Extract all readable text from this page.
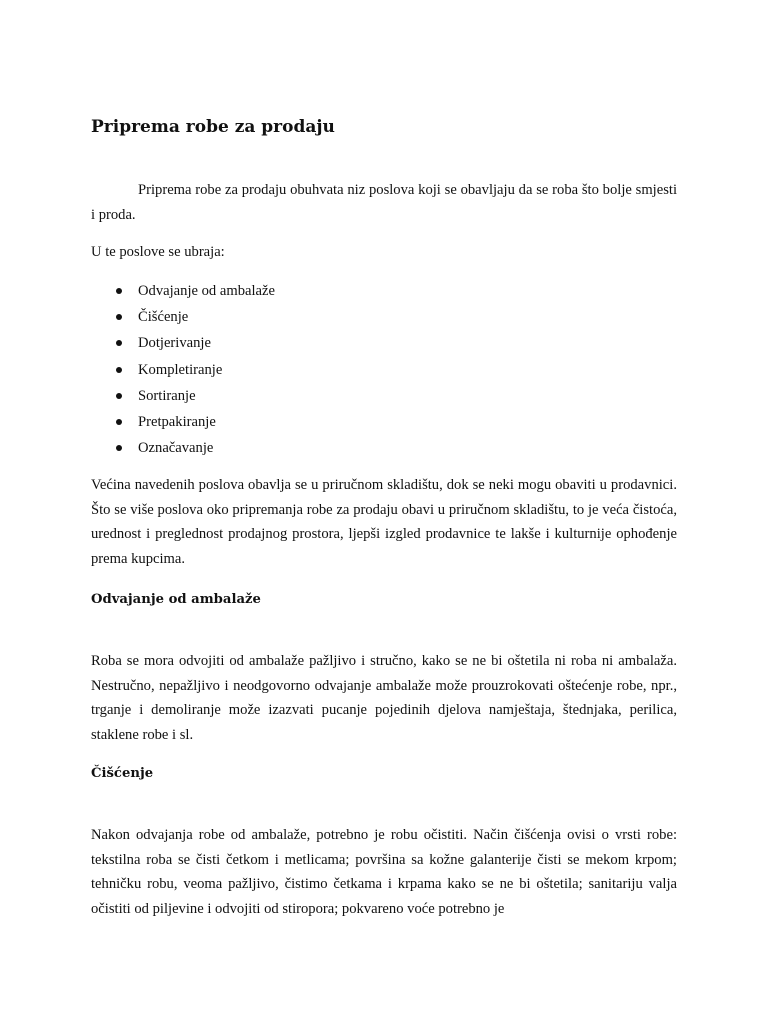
Priprema robe za prodaju

Priprema robe za prodaju obuhvata niz poslova koji se obavljaju da se roba što bolje smjesti i proda.

U te poslove se ubraja:

Odvajanje od ambalaže
Čišćenje
Dotjerivanje
Kompletiranje
Sortiranje
Pretpakiranje
Označavanje

Većina navedenih poslova obavlja se u priručnom skladištu, dok se neki mogu obaviti u prodavnici. Što se više poslova oko pripremanja robe za prodaju obavi u priručnom skladištu, to je veća čistoća, urednost i preglednost prodajnog prostora, ljepši izgled prodavnice te lakše i kulturnije ophođenje prema kupcima.

Odvajanje od ambalaže

Roba se mora odvojiti od ambalaže pažljivo i stručno, kako se ne bi oštetila ni roba ni ambalaža. Nestručno, nepažljivo i neodgovorno odvajanje ambalaže može prouzrokovati oštećenje robe, npr., trganje i demoliranje može izazvati pucanje pojedinih djelova namještaja, štednjaka, perilica, staklene robe i sl.

Čišćenje

Nakon odvajanja robe od ambalaže, potrebno je robu očistiti. Način čišćenja ovisi o vrsti robe: tekstilna roba se čisti četkom i metlicama; površina sa kožne galanterije čisti se mekom krpom; tehničku robu, veoma pažljivo, čistimo četkama i krpama kako se ne bi oštetila; sanitariju valja očistiti od piljevine i odvojiti od stiropora; pokvareno voće potrebno je
